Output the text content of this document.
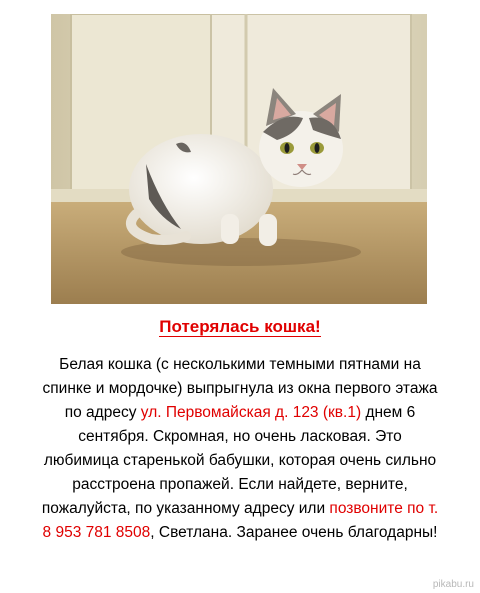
Потерялась кошка!
Белая кошка (с несколькими темными пятнами на спинке и мордочке) выпрыгнула из окна первого этажа по адресу ул. Первомайская д. 123 (кв.1) днем 6 сентября. Скромная, но очень ласковая. Это любимица старенькой бабушки, которая очень сильно расстроена пропажей. Если найдете, верните, пожалуйста, по указанному адресу или позвоните по т. 8 953 781 8508, Светлана. Заранее очень благодарны!
pikabu.ru
